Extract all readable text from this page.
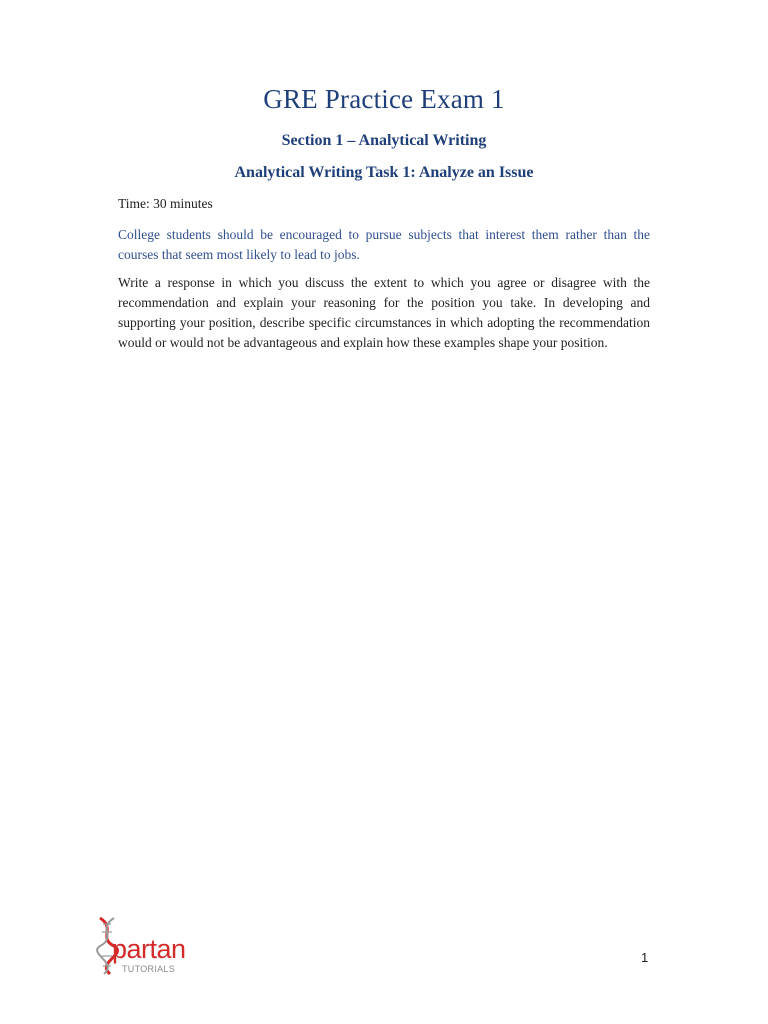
GRE Practice Exam 1
Section 1 – Analytical Writing
Analytical Writing Task 1: Analyze an Issue
Time: 30 minutes
College students should be encouraged to pursue subjects that interest them rather than the courses that seem most likely to lead to jobs.
Write a response in which you discuss the extent to which you agree or disagree with the recommendation and explain your reasoning for the position you take. In developing and supporting your position, describe specific circumstances in which adopting the recommendation would or would not be advantageous and explain how these examples shape your position.
partan
TUTORIALS
1
